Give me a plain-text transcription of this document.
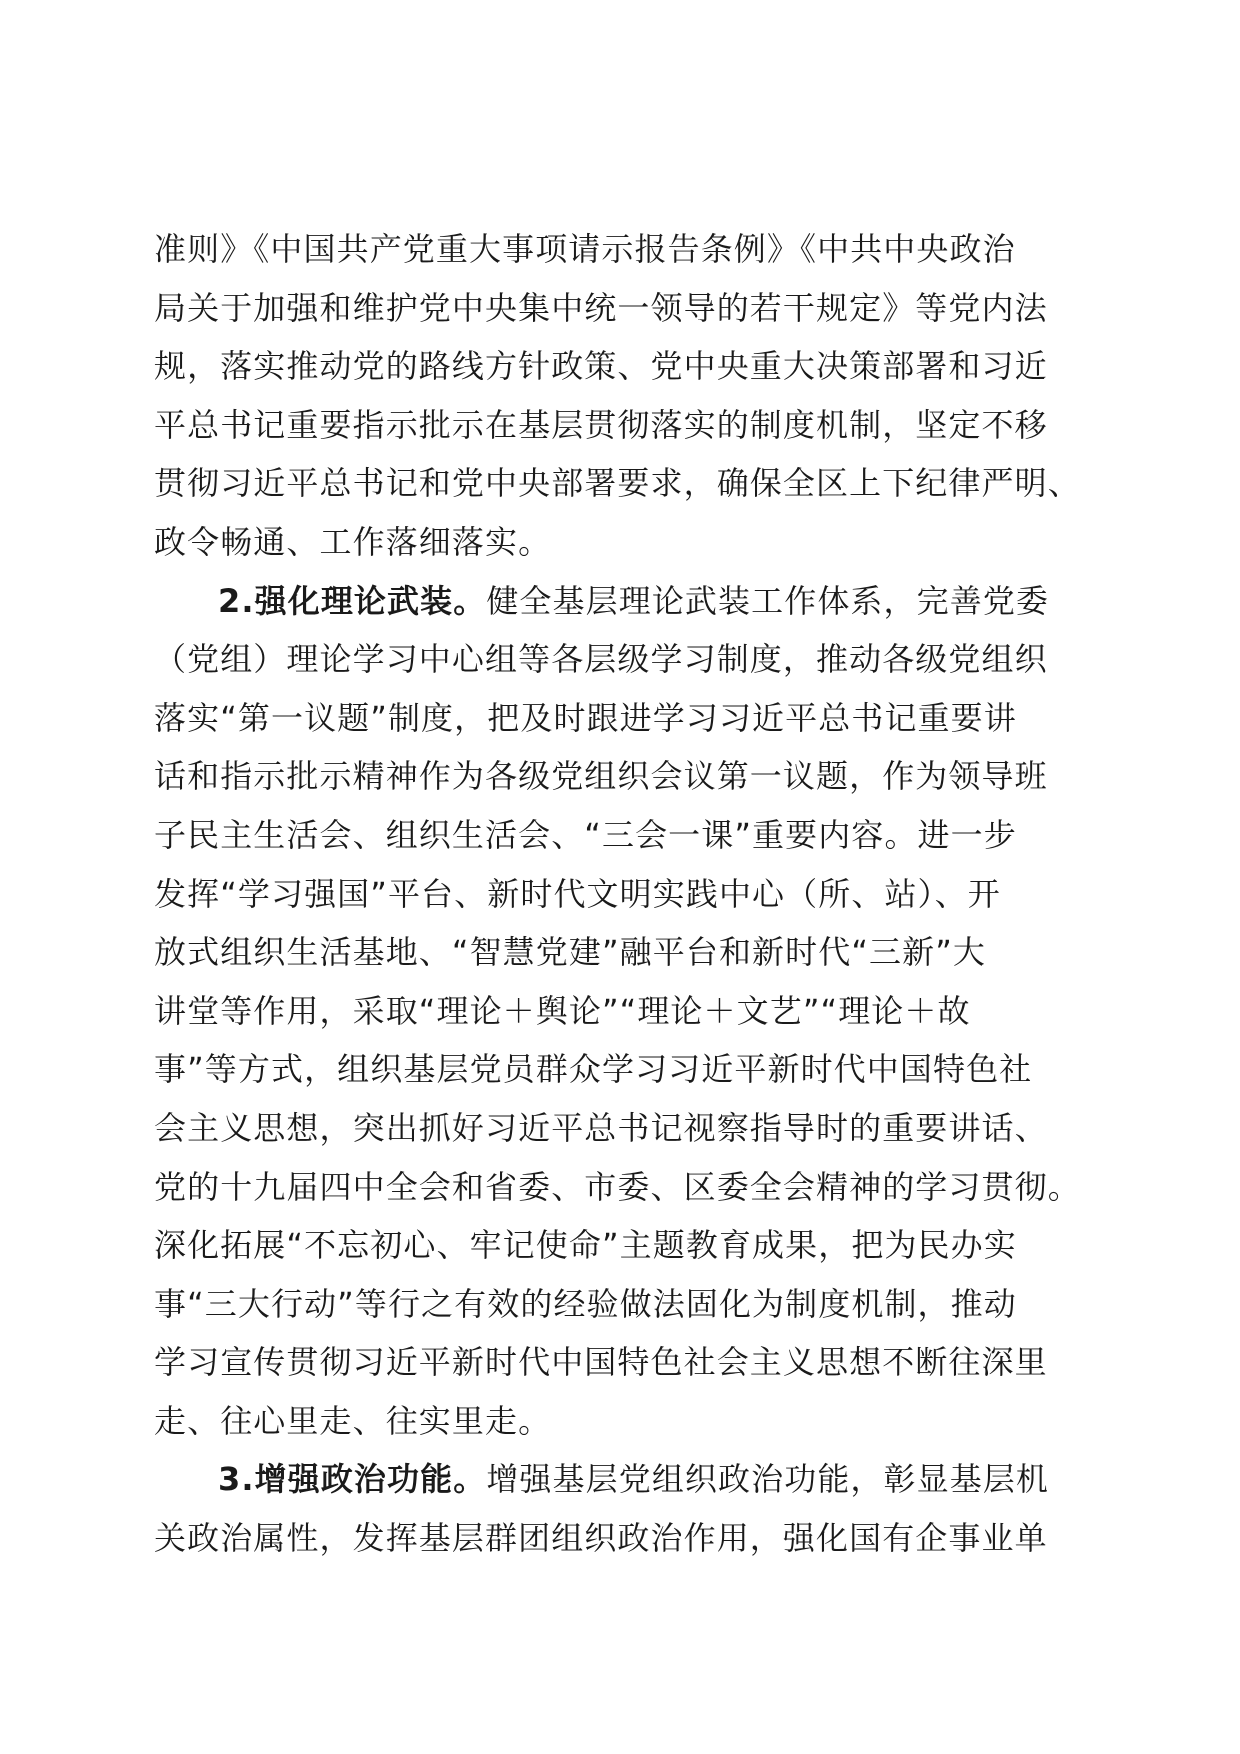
准则》《中国共产党重大事项请示报告条例》《中共中央政治
局关于加强和维护党中央集中统一领导的若干规定》等党内法
规，落实推动党的路线方针政策、党中央重大决策部署和习近
平总书记重要指示批示在基层贯彻落实的制度机制，坚定不移
贯彻习近平总书记和党中央部署要求，确保全区上下纪律严明、
政令畅通、工作落细落实。
2.强化理论武装。健全基层理论武装工作体系，完善党委
（党组）理论学习中心组等各层级学习制度，推动各级党组织
落实“第一议题”制度，把及时跟进学习习近平总书记重要讲
话和指示批示精神作为各级党组织会议第一议题，作为领导班
子民主生活会、组织生活会、“三会一课”重要内容。进一步
发挥“学习强国”平台、新时代文明实践中心（所、站）、开
放式组织生活基地、“智慧党建”融平台和新时代“三新”大
讲堂等作用，采取“理论＋舆论”“理论＋文艺”“理论＋故
事”等方式，组织基层党员群众学习习近平新时代中国特色社
会主义思想，突出抓好习近平总书记视察指导时的重要讲话、
党的十九届四中全会和省委、市委、区委全会精神的学习贯彻。
深化拓展“不忘初心、牢记使命”主题教育成果，把为民办实
事“三大行动”等行之有效的经验做法固化为制度机制，推动
学习宣传贯彻习近平新时代中国特色社会主义思想不断往深里
走、往心里走、往实里走。
3.增强政治功能。增强基层党组织政治功能，彰显基层机
关政治属性，发挥基层群团组织政治作用，强化国有企事业单
